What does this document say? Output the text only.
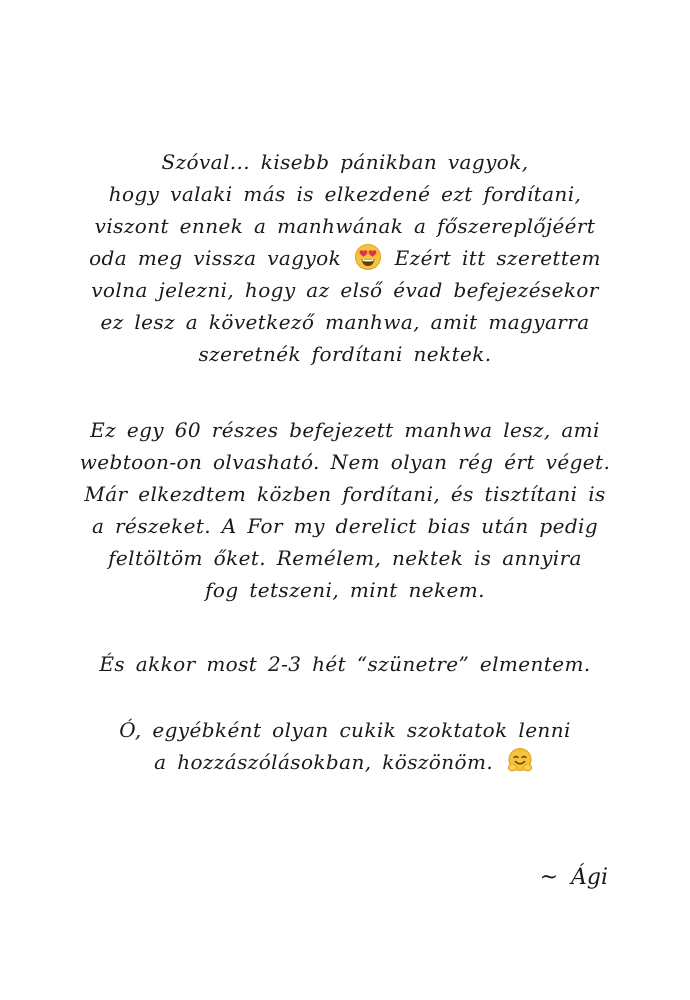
Szóval... kisebb pánikban vagyok,
hogy valaki más is elkezdené ezt fordítani,
viszont ennek a manhwának a főszereplőjéért
oda meg vissza vagyok	Ezért itt szerettem
volna jelezni, hogy az első évad befejezésekor
ez lesz a következő manhwa, amit magyarra
szeretnék fordítani nektek.
Ez egy 60 részes befejezett manhwa lesz, ami
webtoon-on olvasható. Nem olyan rég ért véget.
Már elkezdtem közben fordítani, és tisztítani is
a részeket. A For my derelict bias után pedig
feltöltöm őket. Remélem, nektek is annyira
fog tetszeni, mint nekem.
És akkor most 2-3 hét “szünetre” elmentem.
Ó, egyébként olyan cukik szoktatok lenni
a hozzászólásokban, köszönöm.
~ Ági
